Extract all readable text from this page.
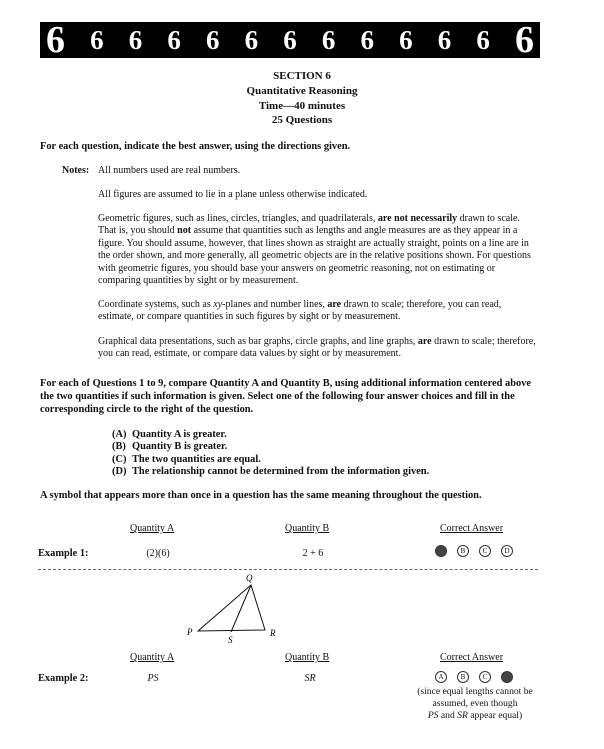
6 6 6 6 6 6 6 6 6 6 6 6 6
SECTION 6
Quantitative Reasoning
Time—40 minutes
25 Questions
For each question, indicate the best answer, using the directions given.
Notes: All numbers used are real numbers.
All figures are assumed to lie in a plane unless otherwise indicated.
Geometric figures, such as lines, circles, triangles, and quadrilaterals, are not necessarily drawn to scale. That is, you should not assume that quantities such as lengths and angle measures are as they appear in a figure. You should assume, however, that lines shown as straight are actually straight, points on a line are in the order shown, and more generally, all geometric objects are in the relative positions shown. For questions with geometric figures, you should base your answers on geometric reasoning, not on estimating or comparing quantities by sight or by measurement.
Coordinate systems, such as xy-planes and number lines, are drawn to scale; therefore, you can read, estimate, or compare quantities in such figures by sight or by measurement.
Graphical data presentations, such as bar graphs, circle graphs, and line graphs, are drawn to scale; therefore, you can read, estimate, or compare data values by sight or by measurement.
For each of Questions 1 to 9, compare Quantity A and Quantity B, using additional information centered above the two quantities if such information is given. Select one of the following four answer choices and fill in the corresponding circle to the right of the question.
(A) Quantity A is greater.
(B) Quantity B is greater.
(C) The two quantities are equal.
(D) The relationship cannot be determined from the information given.
A symbol that appears more than once in a question has the same meaning throughout the question.
Quantity A	Quantity B	Correct Answer
Example 1:	(2)(6)	2 + 6	A	B	C	D
Q
P
S
R
Quantity A	Quantity B	Correct Answer
Example 2:	PS	SR	A	B	C	D
(since equal lengths cannot be assumed, even though
PS and SR appear equal)
